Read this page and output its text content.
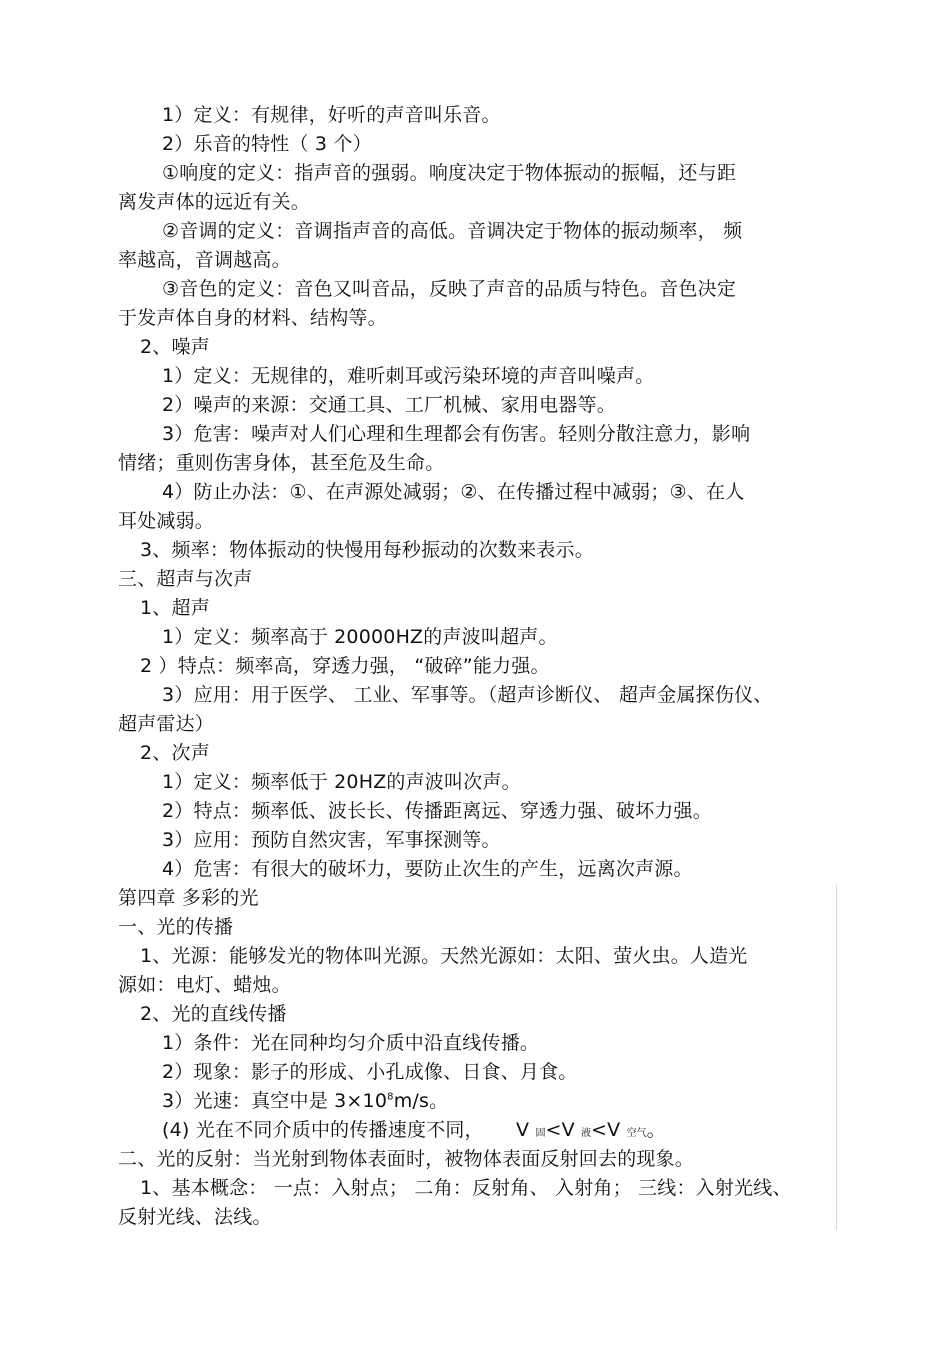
1）定义：有规律，好听的声音叫乐音。
2）乐音的特性（ 3 个）
①响度的定义：指声音的强弱。响度决定于物体振动的振幅，还与距
离发声体的远近有关。
②音调的定义：音调指声音的高低。音调决定于物体的振动频率， 频
率越高，音调越高。
③音色的定义：音色又叫音品，反映了声音的品质与特色。音色决定
于发声体自身的材料、结构等。
2、噪声
1）定义：无规律的，难听刺耳或污染环境的声音叫噪声。
2）噪声的来源：交通工具、工厂机械、家用电器等。
3）危害：噪声对人们心理和生理都会有伤害。轻则分散注意力，影响
情绪；重则伤害身体，甚至危及生命。
4）防止办法：①、在声源处减弱；②、在传播过程中减弱；③、在人
耳处减弱。
3、频率：物体振动的快慢用每秒振动的次数来表示。
三、超声与次声
1、超声
1）定义：频率高于 20000HZ的声波叫超声。
2 ）特点：频率高，穿透力强， “破碎”能力强。
3）应用：用于医学、 工业、军事等。（超声诊断仪、 超声金属探伤仪、
超声雷达）
2、次声
1）定义：频率低于 20HZ的声波叫次声。
2）特点：频率低、波长长、传播距离远、穿透力强、破坏力强。
3）应用：预防自然灾害，军事探测等。
4）危害：有很大的破坏力，要防止次生的产生，远离次声源。
第四章 多彩的光
一、光的传播
1、光源：能够发光的物体叫光源。天然光源如：太阳、萤火虫。人造光
源如：电灯、蜡烛。
2、光的直线传播
1）条件：光在同种均匀介质中沿直线传播。
2）现象：影子的形成、小孔成像、日食、月食。
3）光速：真空中是 $3\times 10^8m/s$。
(4) 光在不同介质中的传播速度不同， V 固<V 液<V 空气。
二、光的反射：当光射到物体表面时，被物体表面反射回去的现象。
1、基本概念： 一点：入射点； 二角：反射角、 入射角； 三线：入射光线、
反射光线、法线。
